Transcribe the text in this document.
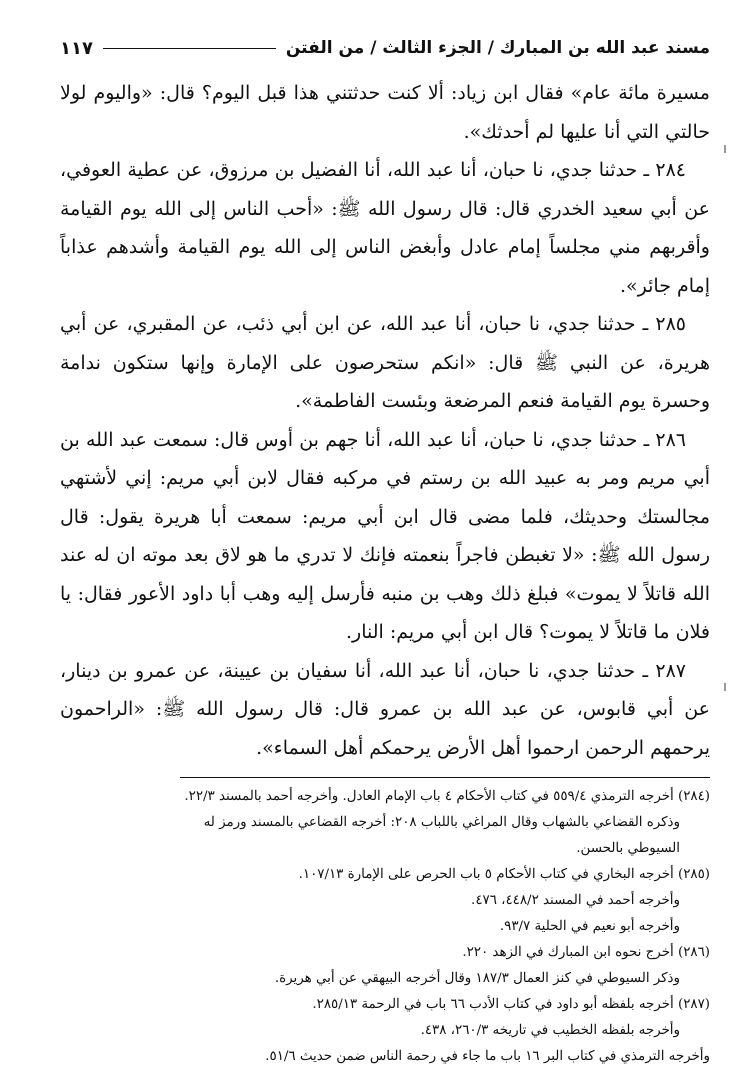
مسند عبد الله بن المبارك / الجزء الثالث / من الفتن
١١٧

مسيرة مائة عام» فقال ابن زياد: ألا كنت حدثتني هذا قبل اليوم؟ قال: «واليوم لولا حالتي التي أنا عليها لم أحدثك».

٢٨٤ ـ حدثنا جدي، نا حبان، أنا عبد الله، أنا الفضيل بن مرزوق، عن عطية العوفي، عن أبي سعيد الخدري قال: قال رسول الله ﷺ: «أحب الناس إلى الله يوم القيامة وأقربهم مني مجلساً إمام عادل وأبغض الناس إلى الله يوم القيامة وأشدهم عذاباً إمام جائر».

٢٨٥ ـ حدثنا جدي، نا حبان، أنا عبد الله، عن ابن أبي ذئب، عن المقبري، عن أبي هريرة، عن النبي ﷺ قال: «انكم ستحرصون على الإمارة وإنها ستكون ندامة وحسرة يوم القيامة فنعم المرضعة وبئست الفاطمة».

٢٨٦ ـ حدثنا جدي، نا حبان، أنا عبد الله، أنا جهم بن أوس قال: سمعت عبد الله بن أبي مريم ومر به عبيد الله بن رستم في مركبه فقال لابن أبي مريم: إني لأشتهي مجالستك وحديثك، فلما مضى قال ابن أبي مريم: سمعت أبا هريرة يقول: قال رسول الله ﷺ: «لا تغبطن فاجراً بنعمته فإنك لا تدري ما هو لاق بعد موته ان له عند الله قاتلاً لا يموت» فبلغ ذلك وهب بن منبه فأرسل إليه وهب أبا داود الأعور فقال: يا فلان ما قاتلاً لا يموت؟ قال ابن أبي مريم: النار.

٢٨٧ ـ حدثنا جدي، نا حبان، أنا عبد الله، أنا سفيان بن عيينة، عن عمرو بن دينار، عن أبي قابوس، عن عبد الله بن عمرو قال: قال رسول الله ﷺ: «الراحمون يرحمهم الرحمن ارحموا أهل الأرض يرحمكم أهل السماء».

(٢٨٤) أخرجه الترمذي ٥٥٩/٤ في كتاب الأحكام ٤ باب الإمام العادل. وأخرجه أحمد بالمسند ٢٢/٣.

وذكره القضاعي بالشهاب وقال المراغي باللباب ٢٠٨: أخرجه القضاعي بالمسند ورمز له السيوطي بالحسن.

(٢٨٥) أخرجه البخاري في كتاب الأحكام ٥ باب الحرص على الإمارة ١٠٧/١٣.

وأخرجه أحمد في المسند ٤٤٨/٢، ٤٧٦.

وأخرجه أبو نعيم في الحلية ٩٣/٧.

(٢٨٦) أخرج نحوه ابن المبارك في الزهد ٢٢٠.

وذكر السيوطي في كنز العمال ١٨٧/٣ وقال أخرجه البيهقي عن أبي هريرة.

(٢٨٧) أخرجه بلفظه أبو داود في كتاب الأدب ٦٦ باب في الرحمة ٢٨٥/١٣.

وأخرجه بلفظه الخطيب في تاريخه ٢٦٠/٣، ٤٣٨.

وأخرجه الترمذي في كتاب البر ١٦ باب ما جاء في رحمة الناس ضمن حديث ٥١/٦.
